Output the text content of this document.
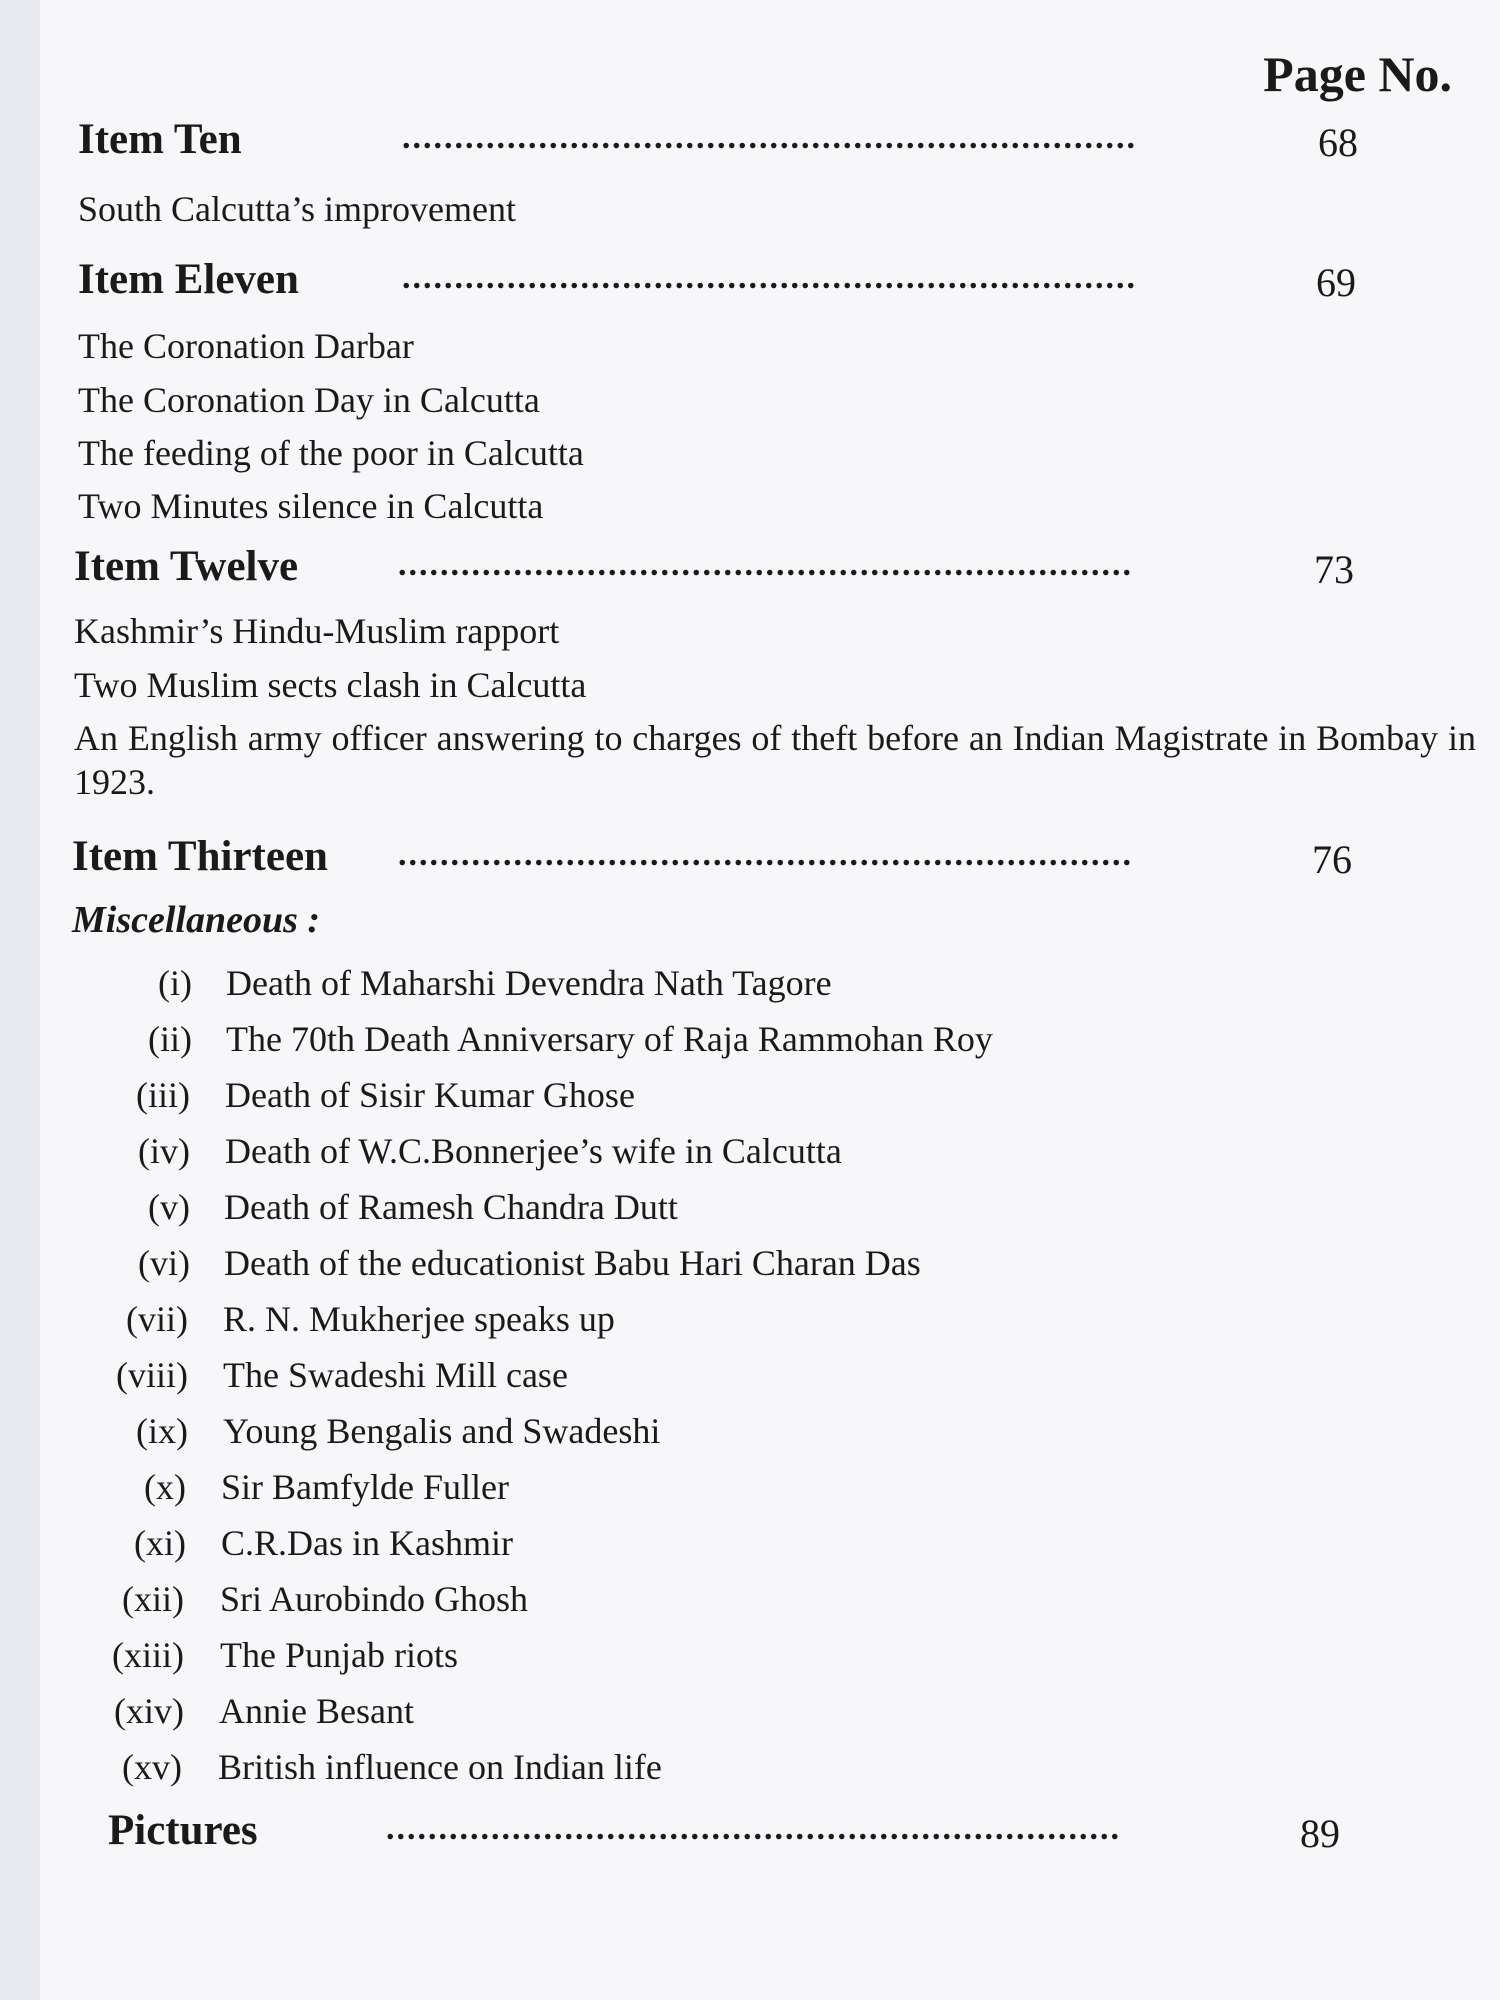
Page No.
Item Ten	......................................................................	68
South Calcutta’s improvement
Item Eleven	......................................................................	69
The Coronation Darbar
The Coronation Day in Calcutta
The feeding of the poor in Calcutta
Two Minutes silence in Calcutta
Item Twelve	......................................................................	73
Kashmir’s Hindu-Muslim rapport
Two Muslim sects clash in Calcutta
An English army officer answering to charges of theft before an Indian Magistrate in Bombay in 1923.
Item Thirteen ......................................................................	76
Miscellaneous :
(i) Death of Maharshi Devendra Nath Tagore
(ii) The 70th Death Anniversary of Raja Rammohan Roy
(iii) Death of Sisir Kumar Ghose
(iv) Death of W.C.Bonnerjee’s wife in Calcutta
(v) Death of Ramesh Chandra Dutt
(vi) Death of the educationist Babu Hari Charan Das
(vii) R. N. Mukherjee speaks up
(viii) The Swadeshi Mill case
(ix) Young Bengalis and Swadeshi
(x) Sir Bamfylde Fuller
(xi) C.R.Das in Kashmir
(xii) Sri Aurobindo Ghosh
(xiii) The Punjab riots
(xiv) Annie Besant
(xv) British influence on Indian life
Pictures	......................................................................	89
